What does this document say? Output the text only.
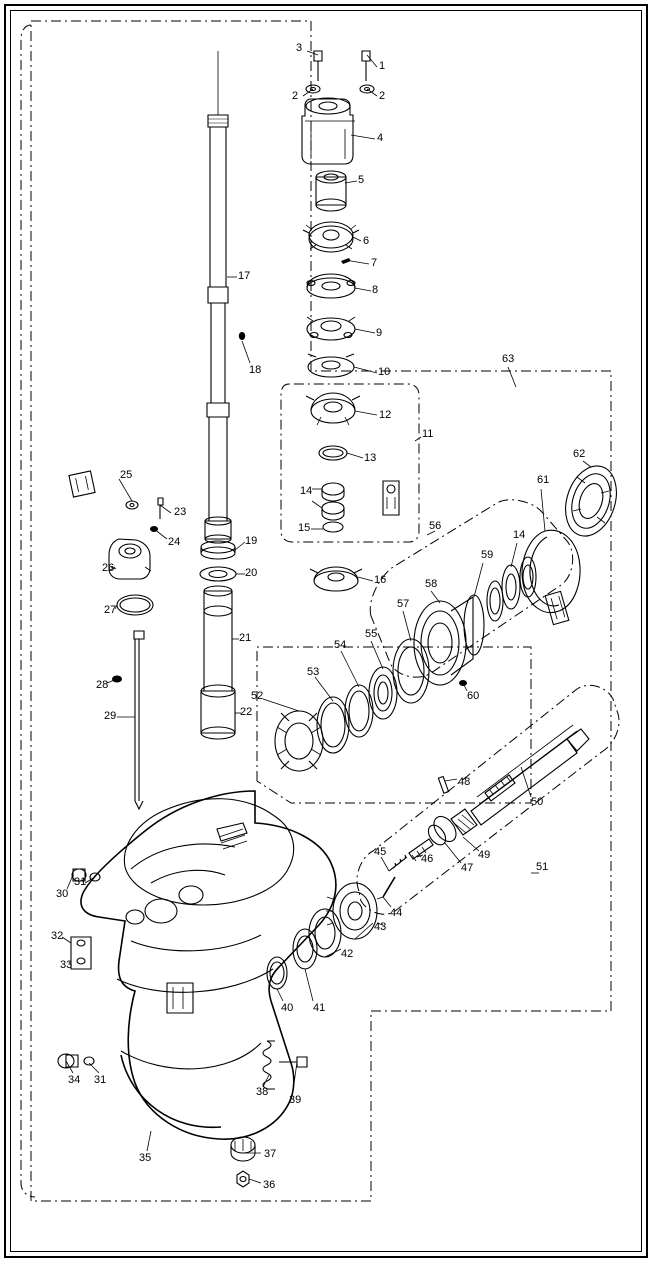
1
2
2
3
4
5
6
7
8
9
10
11
12
13
14
15
16
17
18
19
20
21
22
23
24
25
26
27
28
29
30
31
31
32
33
34
35
36
37
38
39
40 41
42
43
44
45
46
47
48
49
50
51
52
53
54
55
56
57
58
59
14
60
61
62
63
